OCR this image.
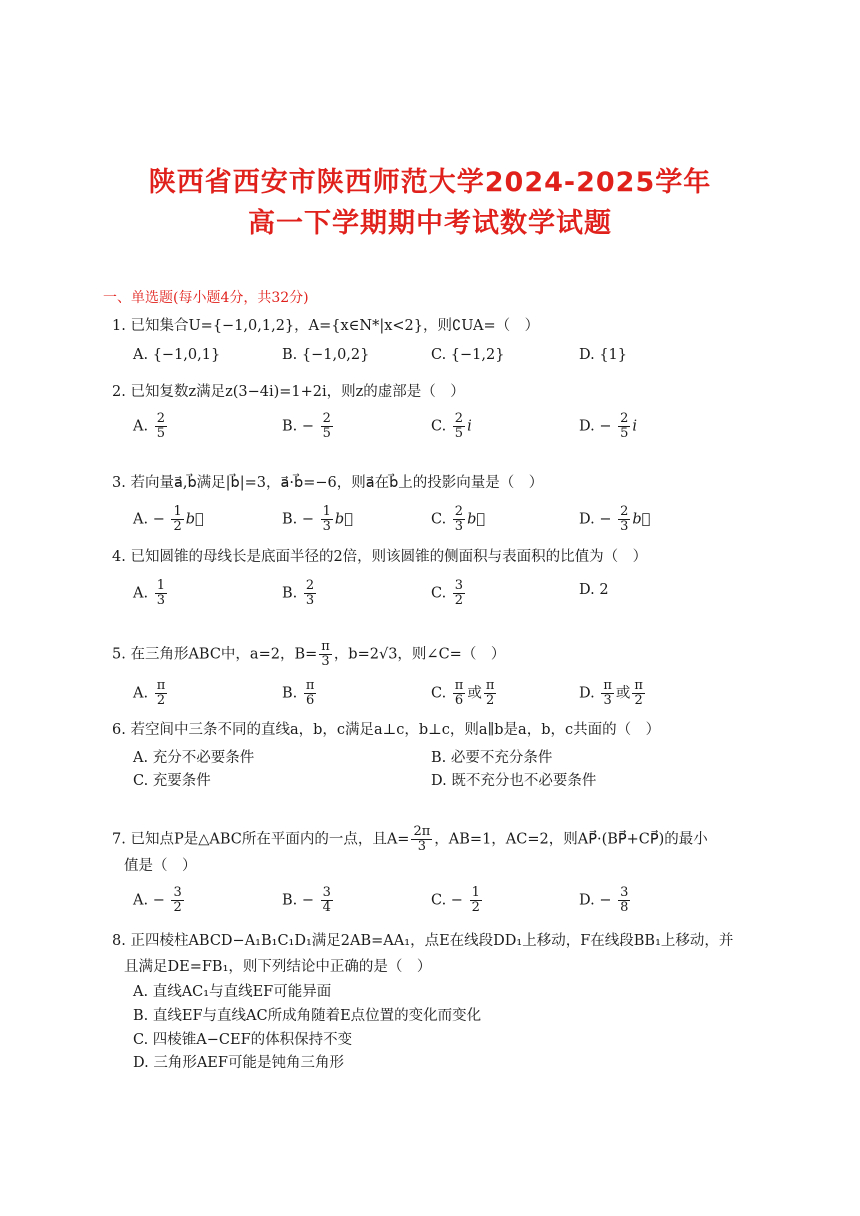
陕西省西安市陕西师范大学2024-2025学年
高一下学期期中考试数学试题
一、单选题(每小题4分，共32分)
1. 已知集合U={−1,0,1,2}，A={x∈N*|x<2}，则∁UA=（　）
A. {−1,0,1}	B. {−1,0,2}	C. {−1,2}	D. {1}
2. 已知复数z满足z(3−4i)=1+2i，则z的虚部是（　）
A. $\frac{2}{5}$	B. − $\frac{2}{5}$	C. $\frac{2}{5}$ i	D. − $\frac{2}{5}$ i
3. 若向量a⃗,b⃗满足|b⃗|=3，a⃗·b⃗=−6，则a⃗在b⃗上的投影向量是（　）
A. − $\frac{1}{2}$ b⃗	B. − $\frac{1}{3}$ b⃗	C. $\frac{2}{3}$ b⃗	D. − $\frac{2}{3}$ b⃗
4. 已知圆锥的母线长是底面半径的2倍，则该圆锥的侧面积与表面积的比值为（　）
A. $\frac{1}{3}$	B. $\frac{2}{3}$	C. $\frac{3}{2}$	D. 2
5. 在三角形ABC中，a=2，$B= \frac{\pi}{3}$ ，b=2√3，则∠C=（　）
A. $\frac{\pi}{2}$	B. $\frac{\pi}{6}$	C. $\frac{\pi}{6}$ 或 $\frac{\pi}{2}$	D. $\frac{\pi}{3}$ 或 $\frac{\pi}{2}$
6. 若空间中三条不同的直线a，b，c满足a⊥c，b⊥c，则a∥b是a，b，c共面的（　）
A. 充分不必要条件	B. 必要不充分条件
C. 充要条件	D. 既不充分也不必要条件
7. 已知点P是△ABC所在平面内的一点，且$A= \frac{2\pi}{3}$ ，AB=1，AC=2，则AP⃗·(BP⃗+CP⃗)的最小
值是（　）
A. − $\frac{3}{2}$	B. − $\frac{3}{4}$	C. − $\frac{1}{2}$	D. − $\frac{3}{8}$
8. 正四棱柱ABCD−A₁B₁C₁D₁满足2AB=AA₁，点E在线段DD₁上移动，F在线段BB₁上移动，并
且满足DE=FB₁，则下列结论中正确的是（　）
A. 直线AC₁与直线EF可能异面
B. 直线EF与直线AC所成角随着E点位置的变化而变化
C. 四棱锥A−CEF的体积保持不变
D. 三角形AEF可能是钝角三角形
